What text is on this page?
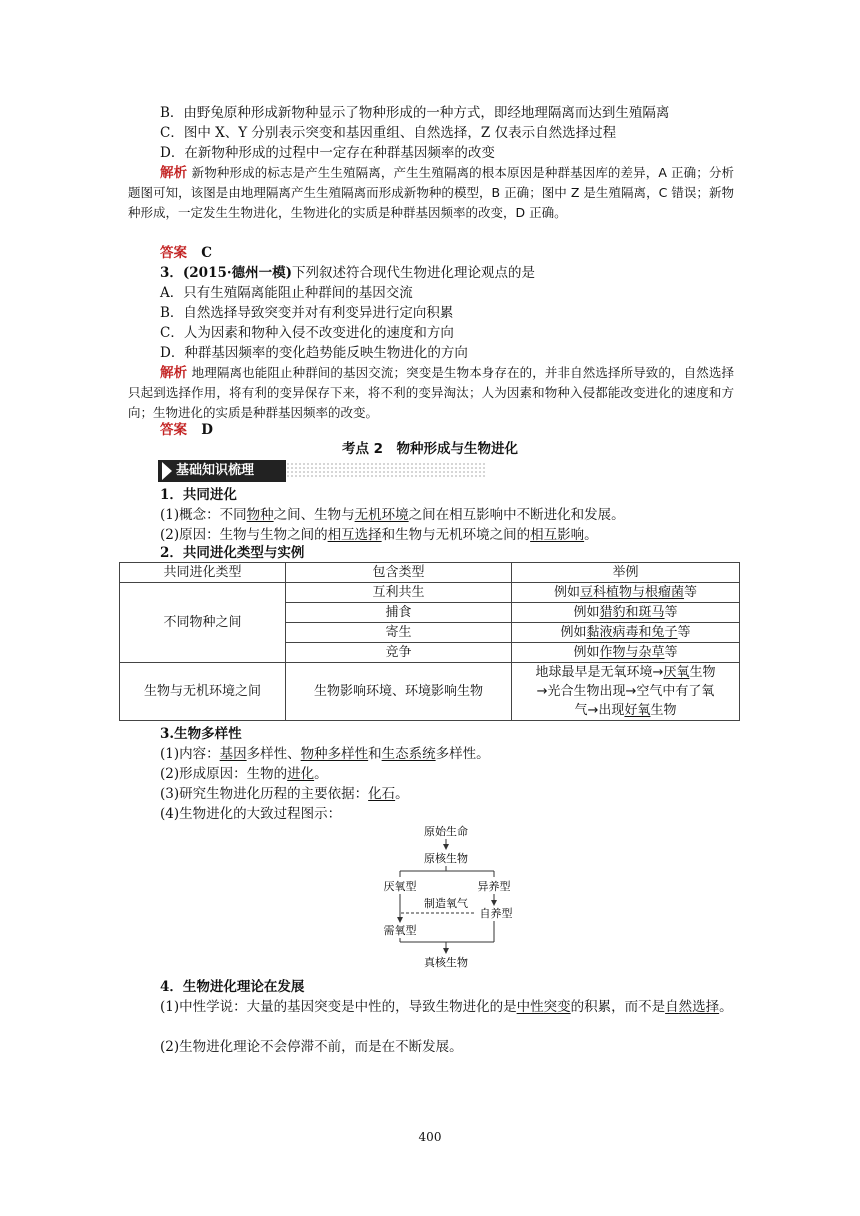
B．由野兔原种形成新物种显示了物种形成的一种方式，即经地理隔离而达到生殖隔离
C．图中 X、Y 分别表示突变和基因重组、自然选择，Z 仅表示自然选择过程
D．在新物种形成的过程中一定存在种群基因频率的改变
解析 新物种形成的标志是产生生殖隔离，产生生殖隔离的根本原因是种群基因库的差异，A 正确；分析题图可知，该图是由地理隔离产生生殖隔离而形成新物种的模型，B 正确；图中 Z 是生殖隔离，C 错误；新物种形成，一定发生生物进化，生物进化的实质是种群基因频率的改变，D 正确。
答案 C
3．(2015·德州一模)下列叙述符合现代生物进化理论观点的是
A．只有生殖隔离能阻止种群间的基因交流
B．自然选择导致突变并对有利变异进行定向积累
C．人为因素和物种入侵不改变进化的速度和方向
D．种群基因频率的变化趋势能反映生物进化的方向
解析 地理隔离也能阻止种群间的基因交流；突变是生物本身存在的，并非自然选择所导致的，自然选择只起到选择作用，将有利的变异保存下来，将不利的变异淘汰；人为因素和物种入侵都能改变进化的速度和方向；生物进化的实质是种群基因频率的改变。
答案 D
考点 2　物种形成与生物进化
基础知识梳理
1．共同进化
(1)概念：不同物种之间、生物与无机环境之间在相互影响中不断进化和发展。
(2)原因：生物与生物之间的相互选择和生物与无机环境之间的相互影响。
2．共同进化类型与实例
共同进化类型	包含类型	举例
不同物种之间	互利共生	例如豆科植物与根瘤菌等
	捕食	例如猎豹和斑马等
	寄生	例如黏液病毒和兔子等
	竞争	例如作物与杂草等
生物与无机环境之间	生物影响环境、环境影响生物	地球最早是无氧环境→厌氧生物
→光合生物出现→空气中有了氧
气→出现好氧生物
3.生物多样性
(1)内容：基因多样性、物种多样性和生态系统多样性。
(2)形成原因：生物的进化。
(3)研究生物进化历程的主要依据：化石。
(4)生物进化的大致过程图示：
原始生命
原核生物
厌氧型	异养型
制造氧气
自养型
需氧型
真核生物
4．生物进化理论在发展
(1)中性学说：大量的基因突变是中性的，导致生物进化的是中性突变的积累，而不是自然选择。
(2)生物进化理论不会停滞不前，而是在不断发展。
400
